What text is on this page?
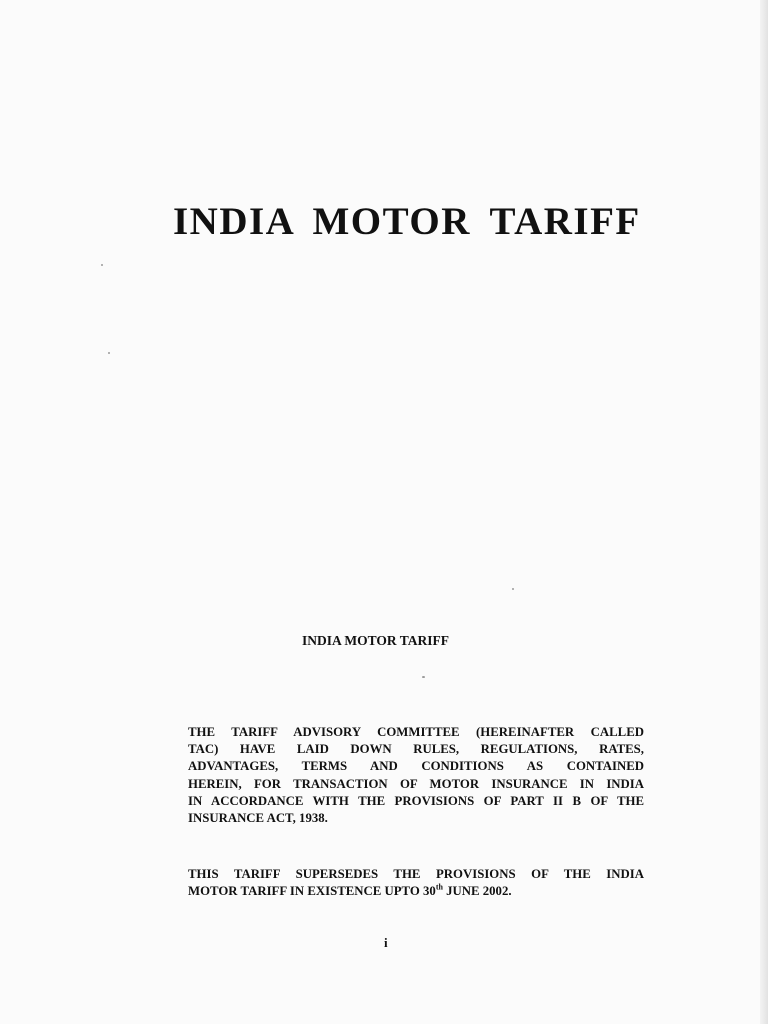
INDIA MOTOR TARIFF

INDIA MOTOR TARIFF

THE TARIFF ADVISORY COMMITTEE (HEREINAFTER CALLED
TAC) HAVE LAID DOWN RULES, REGULATIONS, RATES,
ADVANTAGES, TERMS AND CONDITIONS AS CONTAINED
HEREIN, FOR TRANSACTION OF MOTOR INSURANCE IN INDIA
IN ACCORDANCE WITH THE PROVISIONS OF PART II B OF THE
INSURANCE ACT, 1938.
THIS TARIFF SUPERSEDES THE PROVISIONS OF THE INDIA
MOTOR TARIFF IN EXISTENCE UPTO 30th JUNE 2002.

i
